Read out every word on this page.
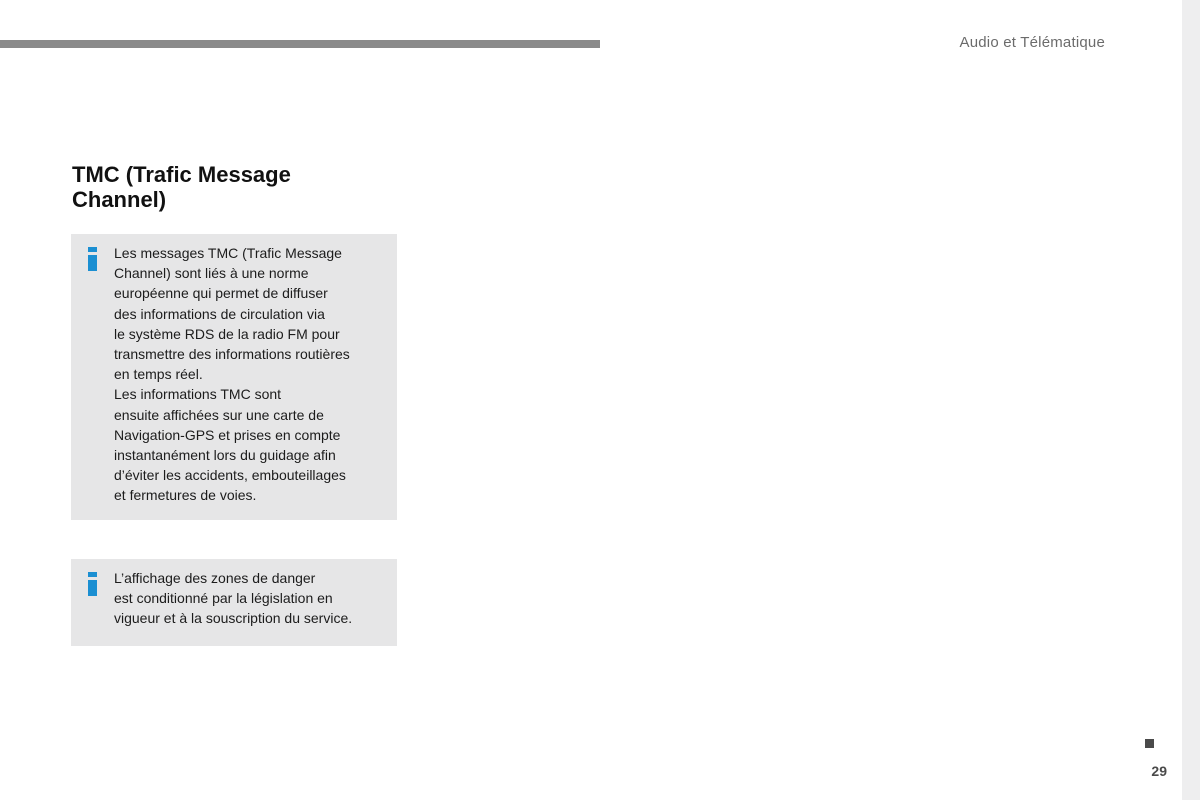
Audio et Télématique
TMC (Trafic Message
Channel)

Les messages TMC (Trafic Message
Channel) sont liés à une norme
européenne qui permet de diffuser
des informations de circulation via
le système RDS de la radio FM pour
transmettre des informations routières
en temps réel.
Les informations TMC sont
ensuite affichées sur une carte de
Navigation-GPS et prises en compte
instantanément lors du guidage afin
d’éviter les accidents, embouteillages
et fermetures de voies.

L’affichage des zones de danger
est conditionné par la législation en
vigueur et à la souscription du service.

29
